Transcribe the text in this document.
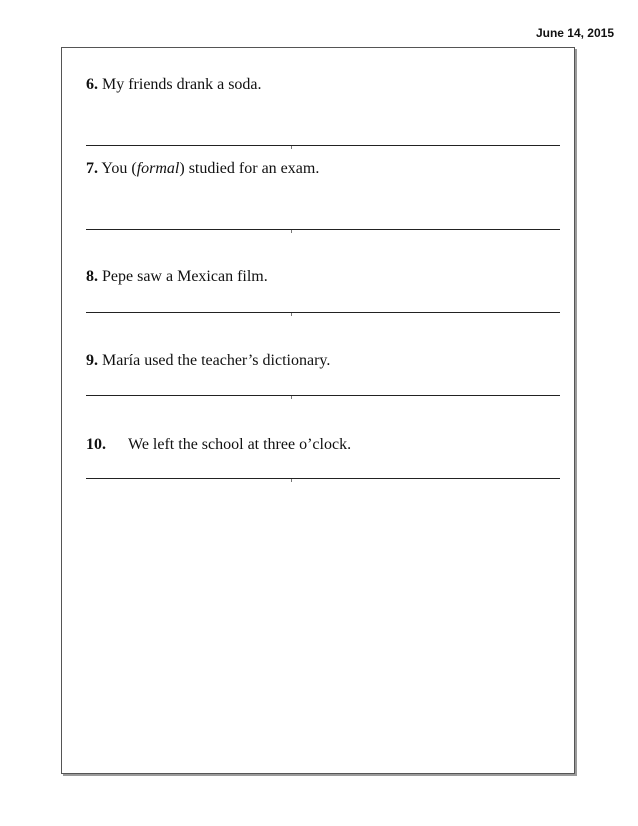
June 14, 2015
6. My friends drank a soda.
7. You (formal) studied for an exam.
8. Pepe saw a Mexican film.
9. María used the teacher’s dictionary.
10. We left the school at three o’clock.
